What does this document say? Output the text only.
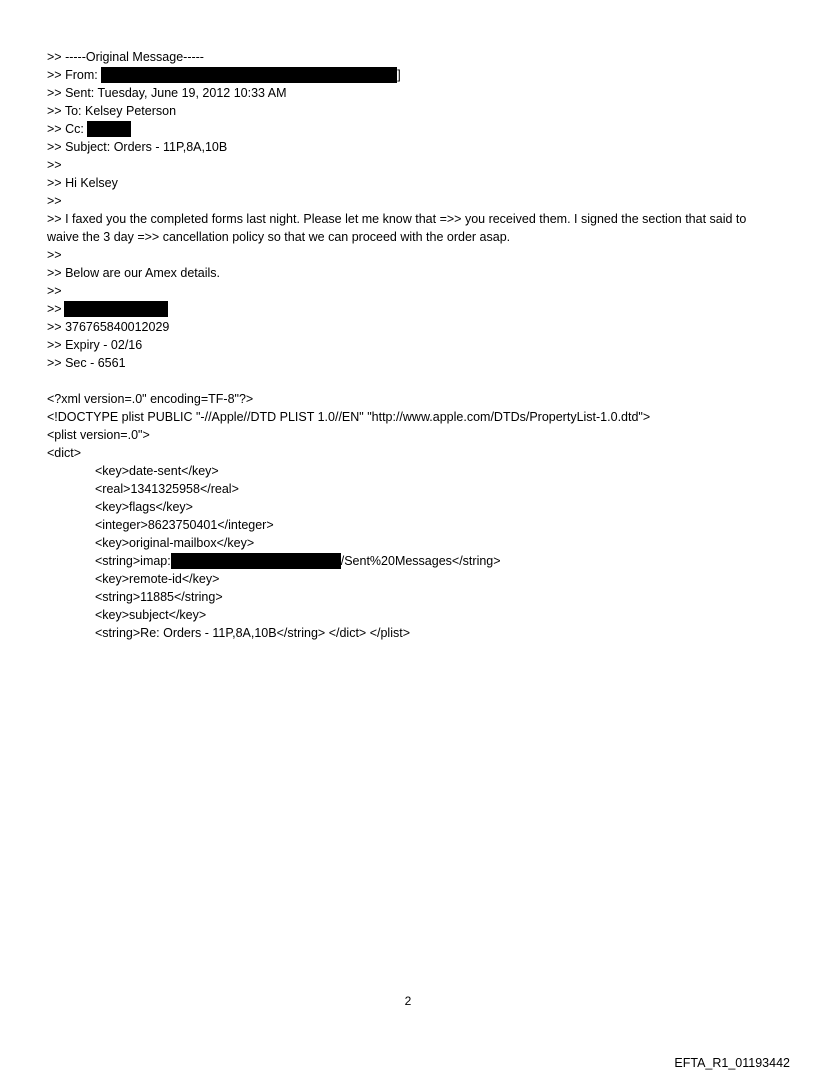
>> -----Original Message-----
>> From:	]
>> Sent: Tuesday, June 19, 2012 10:33 AM
>> To: Kelsey Peterson
>> Cc:
>> Subject: Orders - 11P,8A,10B
>>
>> Hi Kelsey
>>
>> I faxed you the completed forms last night. Please let me know that =>> you received them. I signed the section that said to waive the 3 day =>> cancellation policy so that we can proceed with the order asap.
>>
>> Below are our Amex details.
>>
>>
>> 376765840012029
>> Expiry - 02/16
>> Sec - 6561
<?xml version=.0" encoding=TF-8"?>
<!DOCTYPE plist PUBLIC "-//Apple//DTD PLIST 1.0//EN" "http://www.apple.com/DTDs/PropertyList-1.0.dtd">
<plist version=.0">
<dict>
<key>date-sent</key>
<real>1341325958</real>
<key>flags</key>
<integer>8623750401</integer>
<key>original-mailbox</key>
<string>imap:	/Sent%20Messages</string>
<key>remote-id</key>
<string>11885</string>
<key>subject</key>
<string>Re: Orders - 11P,8A,10B</string> </dict> </plist>
2
EFTA_R1_01193442
